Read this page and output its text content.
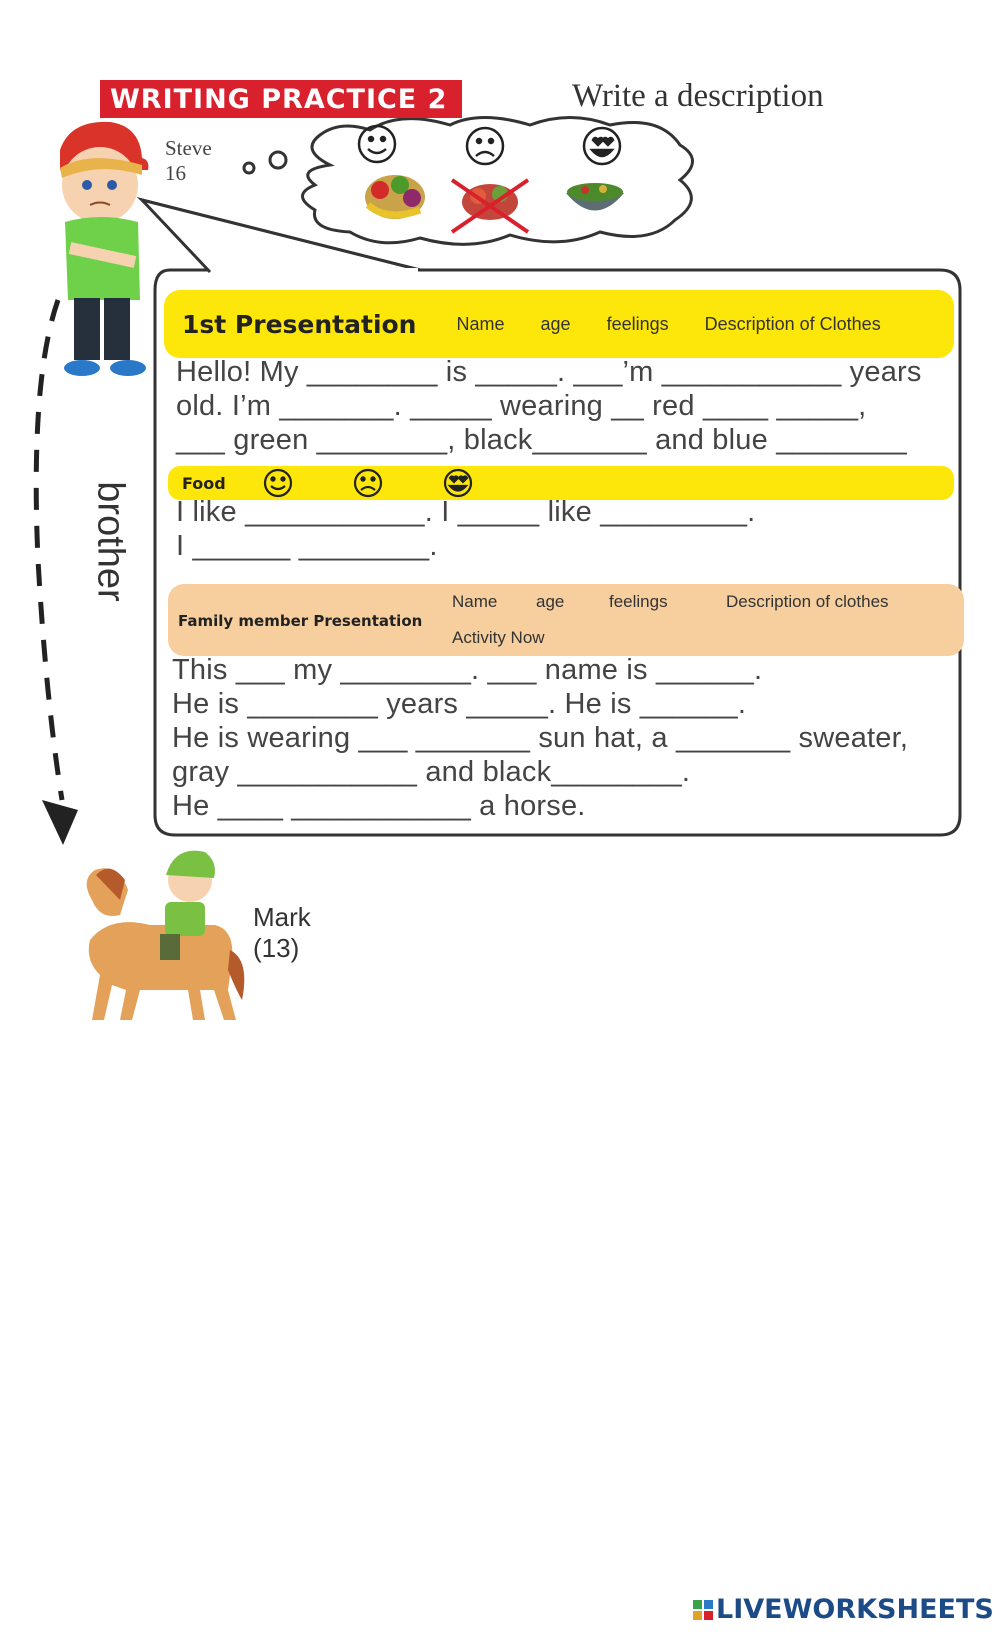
WRITING PRACTICE 2	Write a description
Steve
16
brother
1st Presentation Name age feelings Description of Clothes
Hello! My ________ is _____. ___’m ___________ years
old. I’m _______. _____ wearing __ red ____ _____,
___ green ________, black_______ and blue ________
Food
I like ___________. I _____ like _________.
I ______ ________.
Family member Presentation
Name age	feelings	Description of clothes
Activity Now
This ___ my ________. ___ name is ______.
He is ________ years _____. He is ______.
He is wearing ___ _______ sun hat, a _______ sweater,
gray ___________ and black________.
He ____ ___________ a horse.
Mark
(13)
LIVEWORKSHEETS
